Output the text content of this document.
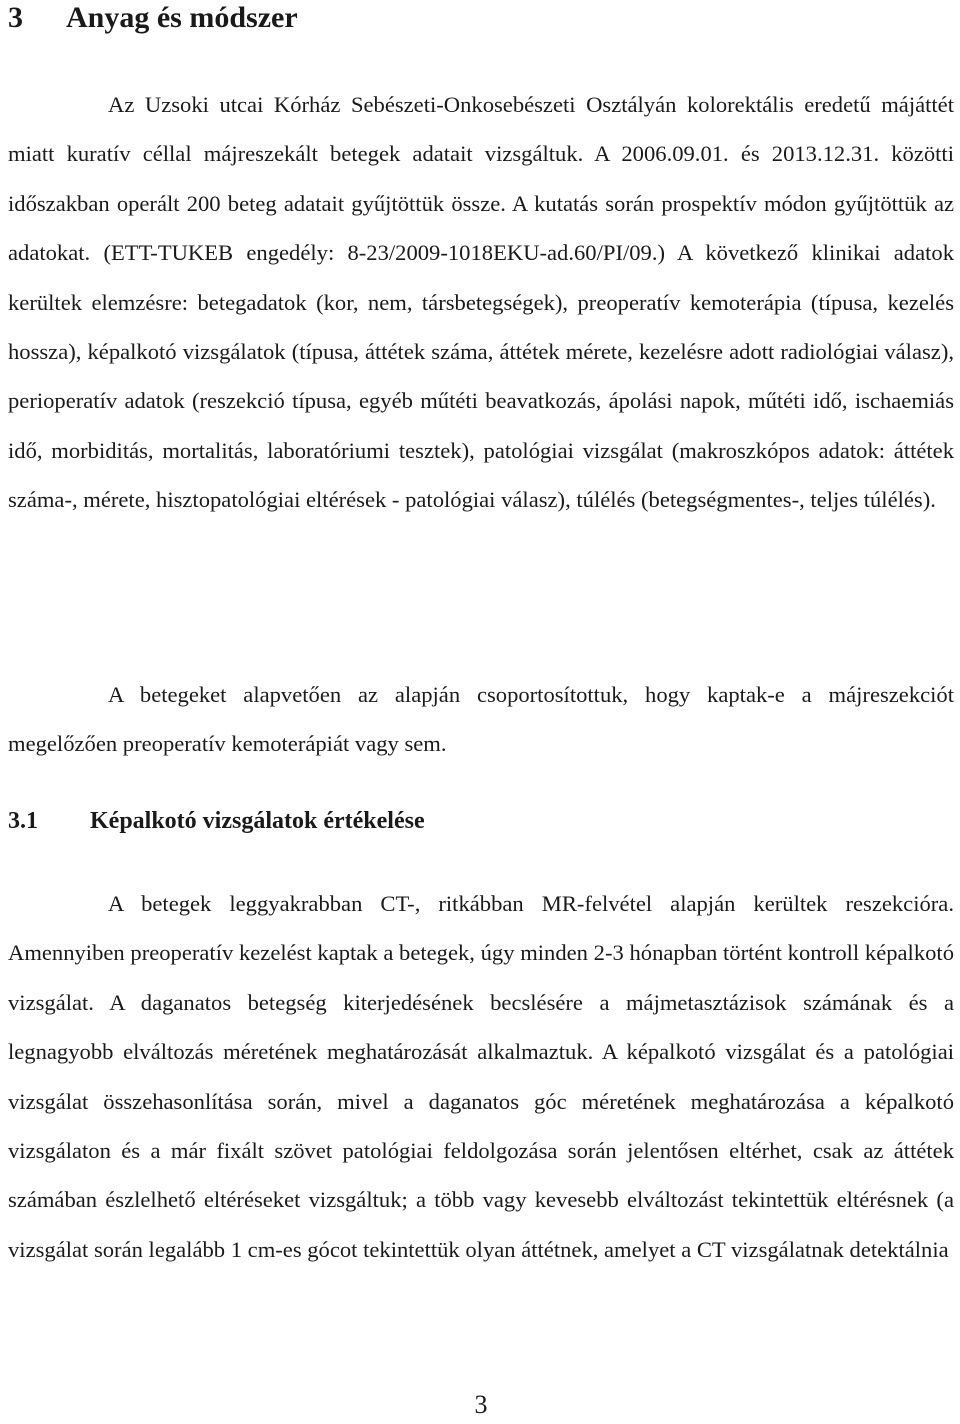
3 Anyag és módszer

Az Uzsoki utcai Kórház Sebészeti-Onkosebészeti Osztályán kolorektális eredetű májáttét miatt kuratív céllal májreszekált betegek adatait vizsgáltuk. A 2006.09.01. és 2013.12.31. közötti időszakban operált 200 beteg adatait gyűjtöttük össze. A kutatás során prospektív módon gyűjtöttük az adatokat. (ETT-TUKEB engedély: 8-23/2009-1018EKU-ad.60/PI/09.) A következő klinikai adatok kerültek elemzésre: betegadatok (kor, nem, társbetegségek), preoperatív kemoterápia (típusa, kezelés hossza), képalkotó vizsgálatok (típusa, áttétek száma, áttétek mérete, kezelésre adott radiológiai válasz), perioperatív adatok (reszekció típusa, egyéb műtéti beavatkozás, ápolási napok, műtéti idő, ischaemiás idő, morbiditás, mortalitás, laboratóriumi tesztek), patológiai vizsgálat (makroszkópos adatok: áttétek száma-, mérete, hisztopatológiai eltérések - patológiai válasz), túlélés (betegségmentes-, teljes túlélés).

A betegeket alapvetően az alapján csoportosítottuk, hogy kaptak-e a májreszekciót megelőzően preoperatív kemoterápiát vagy sem.

3.1 Képalkotó vizsgálatok értékelése

A betegek leggyakrabban CT-, ritkábban MR-felvétel alapján kerültek reszekcióra. Amennyiben preoperatív kezelést kaptak a betegek, úgy minden 2-3 hónapban történt kontroll képalkotó vizsgálat. A daganatos betegség kiterjedésének becslésére a májmetasztázisok számának és a legnagyobb elváltozás méretének meghatározását alkalmaztuk. A képalkotó vizsgálat és a patológiai vizsgálat összehasonlítása során, mivel a daganatos góc méretének meghatározása a képalkotó vizsgálaton és a már fixált szövet patológiai feldolgozása során jelentősen eltérhet, csak az áttétek számában észlelhető eltéréseket vizsgáltuk; a több vagy kevesebb elváltozást tekintettük eltérésnek (a vizsgálat során legalább 1 cm-es gócot tekintettük olyan áttétnek, amelyet a CT vizsgálatnak detektálnia

3
